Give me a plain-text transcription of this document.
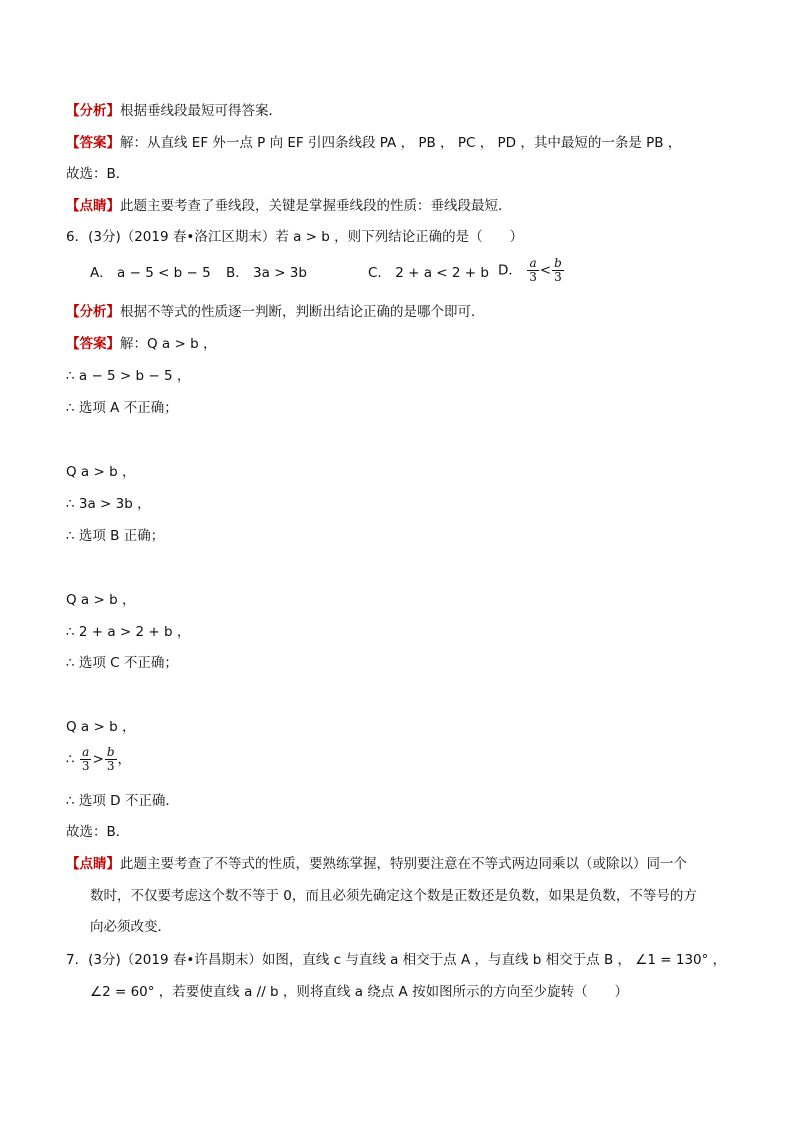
【分析】根据垂线段最短可得答案．
【答案】解：从直线 EF 外一点 P 向 EF 引四条线段 PA ， PB ， PC ， PD ，其中最短的一条是 PB ，
故选：B．
【点睛】此题主要考查了垂线段，关键是掌握垂线段的性质：垂线段最短．
6．(3分)（2019 春•洛江区期末）若 a > b ，则下列结论正确的是（　　）
A． a − 5 < b − 5 B． 3a > 3b	C． 2 + a < 2 + b D． $\frac{a}{3} < \frac{b}{3}$
【分析】根据不等式的性质逐一判断，判断出结论正确的是哪个即可．
【答案】解：Q a > b ，
∴ a − 5 > b − 5 ，
∴ 选项 A 不正确；
Q a > b ，
∴ 3a > 3b ，
∴ 选项 B 正确；
Q a > b ，
∴ 2 + a > 2 + b ，
∴ 选项 C 不正确；
Q a > b ，
∴ $\frac{a}{3} > \frac{b}{3}$ ，
∴ 选项 D 不正确．
故选：B．
【点睛】此题主要考查了不等式的性质，要熟练掌握，特别要注意在不等式两边同乘以（或除以）同一个
数时，不仅要考虑这个数不等于 0，而且必须先确定这个数是正数还是负数，如果是负数，不等号的方
向必须改变．
7．(3分)（2019 春•许昌期末）如图，直线 c 与直线 a 相交于点 A ，与直线 b 相交于点 B ， ∠1 = 130° ，
∠2 = 60° ，若要使直线 a // b ，则将直线 a 绕点 A 按如图所示的方向至少旋转（　　）
